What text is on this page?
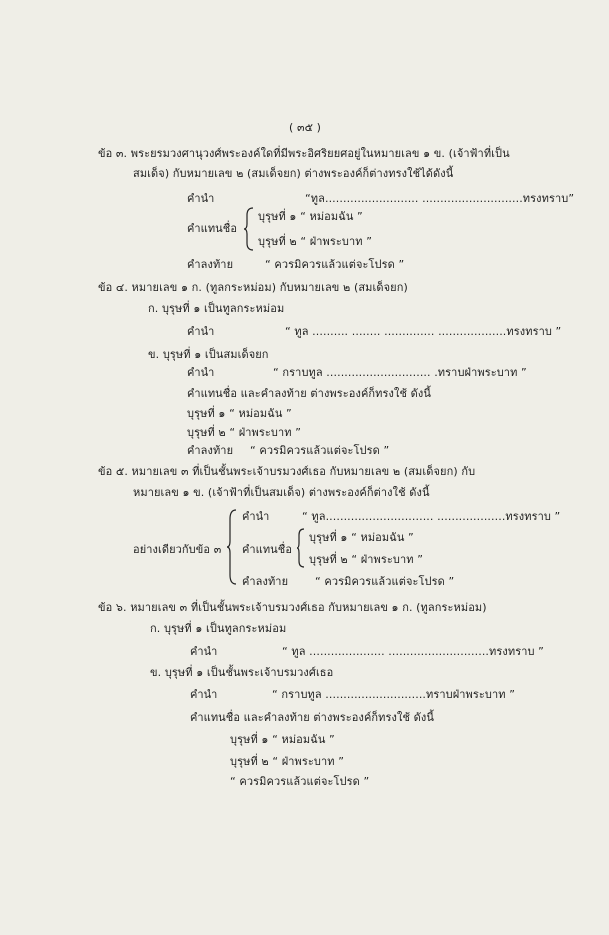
( ๓๕ )
ข้อ ๓. พระยรมวงศานุวงศ์พระองค์ใดที่มีพระอิศริยยศอยู่ในหมายเลข ๑ ข. (เจ้าฟ้าที่เป็น
สมเด็จ) กับหมายเลข ๒ (สมเด็จยก) ต่างพระองค์ก็ต่างทรงใช้ได้ดังนี้
คำนำ	“ทูล.......................... ............................ทรงทราบ”
คำแทนชื่อ
บุรุษที่ ๑ “ หม่อมฉัน ”
บุรุษที่ ๒ “ ฝ่าพระบาท ”
คำลงท้าย	“ ควรมิควรแล้วแต่จะโปรด ”
ข้อ ๔. หมายเลข ๑ ก. (ทูลกระหม่อม) กับหมายเลข ๒ (สมเด็จยก)
ก. บุรุษที่ ๑ เป็นทูลกระหม่อม
คำนำ	“ ทูล .......... ........ .............. ...................ทรงทราบ ”
ข. บุรุษที่ ๑ เป็นสมเด็จยก
คำนำ	“ กราบทูล ............................. .ทราบฝ่าพระบาท ”
คำแทนชื่อ และคำลงท้าย ต่างพระองค์ก็ทรงใช้ ดังนี้
บุรุษที่ ๑ “ หม่อมฉัน ”
บุรุษที่ ๒ “ ฝ่าพระบาท ”
คำลงท้าย “ ควรมิควรแล้วแต่จะโปรด ”
ข้อ ๕. หมายเลข ๓ ที่เป็นชั้นพระเจ้าบรมวงศ์เธอ กับหมายเลข ๒ (สมเด็จยก) กับ
หมายเลข ๑ ข. (เจ้าฟ้าที่เป็นสมเด็จ) ต่างพระองค์ก็ต่างใช้ ดังนี้
อย่างเดียวกับข้อ ๓
คำนำ	“ ทูล.............................. ...................ทรงทราบ ”
คำแทนชื่อ
บุรุษที่ ๑ “ หม่อมฉัน ”
บุรุษที่ ๒ “ ฝ่าพระบาท ”
คำลงท้าย “ ควรมิควรแล้วแต่จะโปรด ”
ข้อ ๖. หมายเลข ๓ ที่เป็นชั้นพระเจ้าบรมวงศ์เธอ กับหมายเลข ๑ ก. (ทูลกระหม่อม)
ก. บุรุษที่ ๑ เป็นทูลกระหม่อม
คำนำ	“ ทูล ..................... ............................ทรงทราบ ”
ข. บุรุษที่ ๑ เป็นชั้นพระเจ้าบรมวงศ์เธอ
คำนำ	“ กราบทูล ............................ทราบฝ่าพระบาท ”
คำแทนชื่อ และคำลงท้าย ต่างพระองค์ก็ทรงใช้ ดังนี้
บุรุษที่ ๑ “ หม่อมฉัน ”
บุรุษที่ ๒ “ ฝ่าพระบาท ”
“ ควรมิควรแล้วแต่จะโปรด ”
